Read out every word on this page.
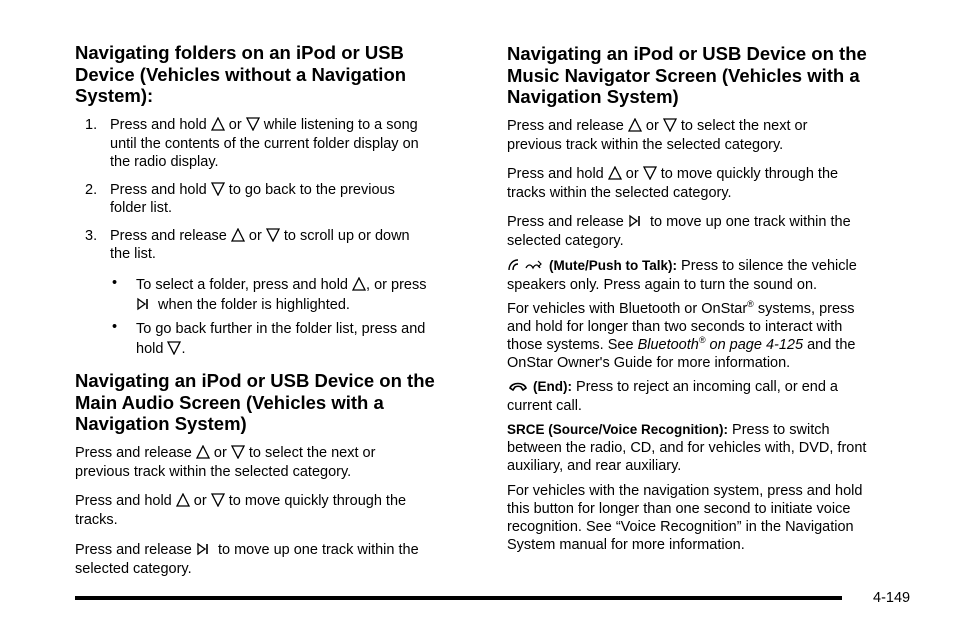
Navigating folders on an iPod or USB
Device (Vehicles without a Navigation
System):
1. Press and hold
or
while listening to a song
until the contents of the current folder display on
the radio display.
2. Press and hold
to go back to the previous
folder list.
3. Press and release
or
to scroll up or down
the list.
• To select a folder, press and hold
, or press

when the folder is highlighted.
• To go back further in the folder list, press and
hold
.
Navigating an iPod or USB Device on the
Main Audio Screen (Vehicles with a
Navigation System)

Press and release
or
to select the next or
previous track within the selected category.

Press and hold
or
to move quickly through the
tracks.

Press and release
to move up one track within the
selected category.

Navigating an iPod or USB Device on the
Music Navigator Screen (Vehicles with a
Navigation System)

Press and release
or
to select the next or
previous track within the selected category.

Press and hold
or
to move quickly through the
tracks within the selected category.

Press and release
to move up one track within the
selected category.

(Mute/Push to Talk): Press to silence the vehicle
speakers only. Press again to turn the sound on.

For vehicles with Bluetooth or OnStar® systems, press
and hold for longer than two seconds to interact with
those systems. See Bluetooth® on page 4-125 and the
OnStar Owner's Guide for more information.

(End): Press to reject an incoming call, or end a
current call.

SRCE (Source/Voice Recognition): Press to switch
between the radio, CD, and for vehicles with, DVD, front
auxiliary, and rear auxiliary.

For vehicles with the navigation system, press and hold
this button for longer than one second to initiate voice
recognition. See “Voice Recognition” in the Navigation
System manual for more information.

4-149
